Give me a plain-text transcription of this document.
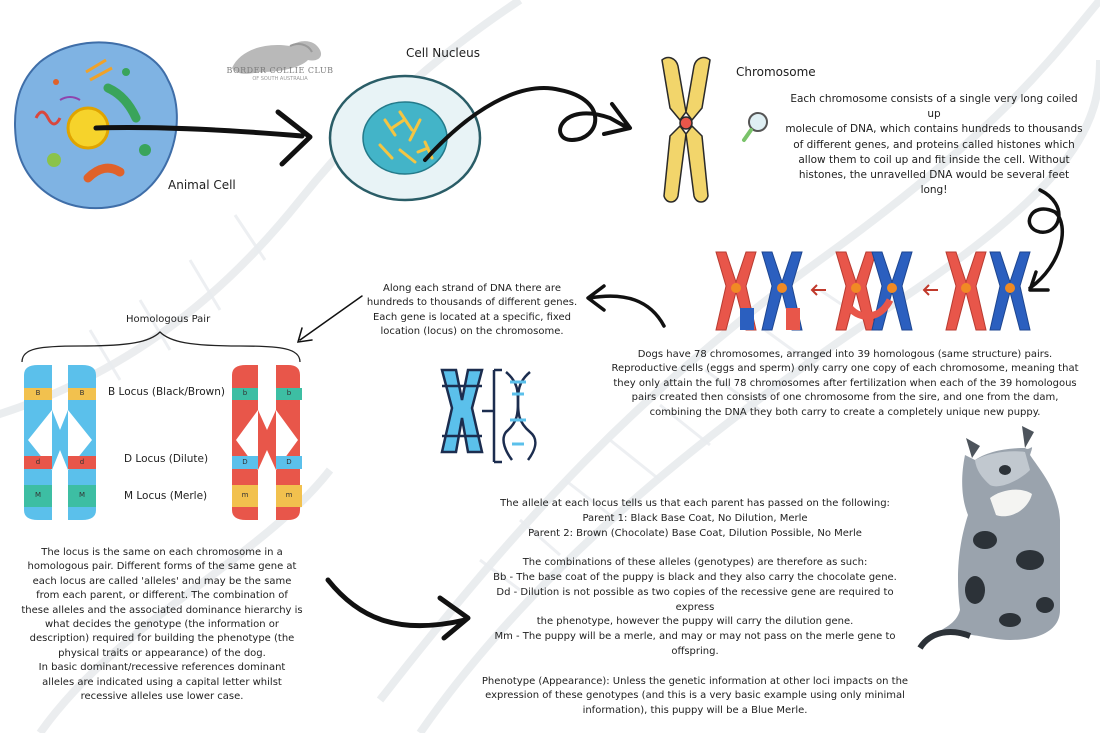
BORDER COLLIE CLUB
OF SOUTH AUSTRALIA
B	B
d	d
M	M
b	b
D	D
m	m
Cell Nucleus
Chromosome
Animal Cell
Homologous Pair
B Locus (Black/Brown)
D Locus (Dilute)
M Locus (Merle)
Each chromosome consists of a single very long coiled up
molecule of DNA, which contains hundreds to thousands
of different genes, and proteins called histones which
allow them to coil up and fit inside the cell. Without
histones, the unravelled DNA would be several feet long!
Along each strand of DNA there are
hundreds to thousands of different genes.
Each gene is located at a specific, fixed
location (locus) on the chromosome.
Dogs have 78 chromosomes, arranged into 39 homologous (same structure) pairs.
Reproductive cells (eggs and sperm) only carry one copy of each chromosome, meaning that
they only attain the full 78 chromosomes after fertilization when each of the 39 homologous
pairs created then consists of one chromosome from the sire, and one from the dam,
combining the DNA they both carry to create a completely unique new puppy.
The locus is the same on each chromosome in a
homologous pair. Different forms of the same gene at
each locus are called 'alleles' and may be the same
from each parent, or different. The combination of
these alleles and the associated dominance hierarchy is
what decides the genotype (the information or
description) required for building the phenotype (the
physical traits or appearance) of the dog.
In basic dominant/recessive references dominant
alleles are indicated using a capital letter whilst
recessive alleles use lower case.
The allele at each locus tells us that each parent has passed on the following:
Parent 1: Black Base Coat, No Dilution, Merle
Parent 2: Brown (Chocolate) Base Coat, Dilution Possible, No Merle
The combinations of these alleles (genotypes) are therefore as such:
Bb - The base coat of the puppy is black and they also carry the chocolate gene.
Dd - Dilution is not possible as two copies of the recessive gene are required to express
the phenotype, however the puppy will carry the dilution gene.
Mm - The puppy will be a merle, and may or may not pass on the merle gene to offspring.
Phenotype (Appearance): Unless the genetic information at other loci impacts on the
expression of these genotypes (and this is a very basic example using only minimal
information), this puppy will be a Blue Merle.
